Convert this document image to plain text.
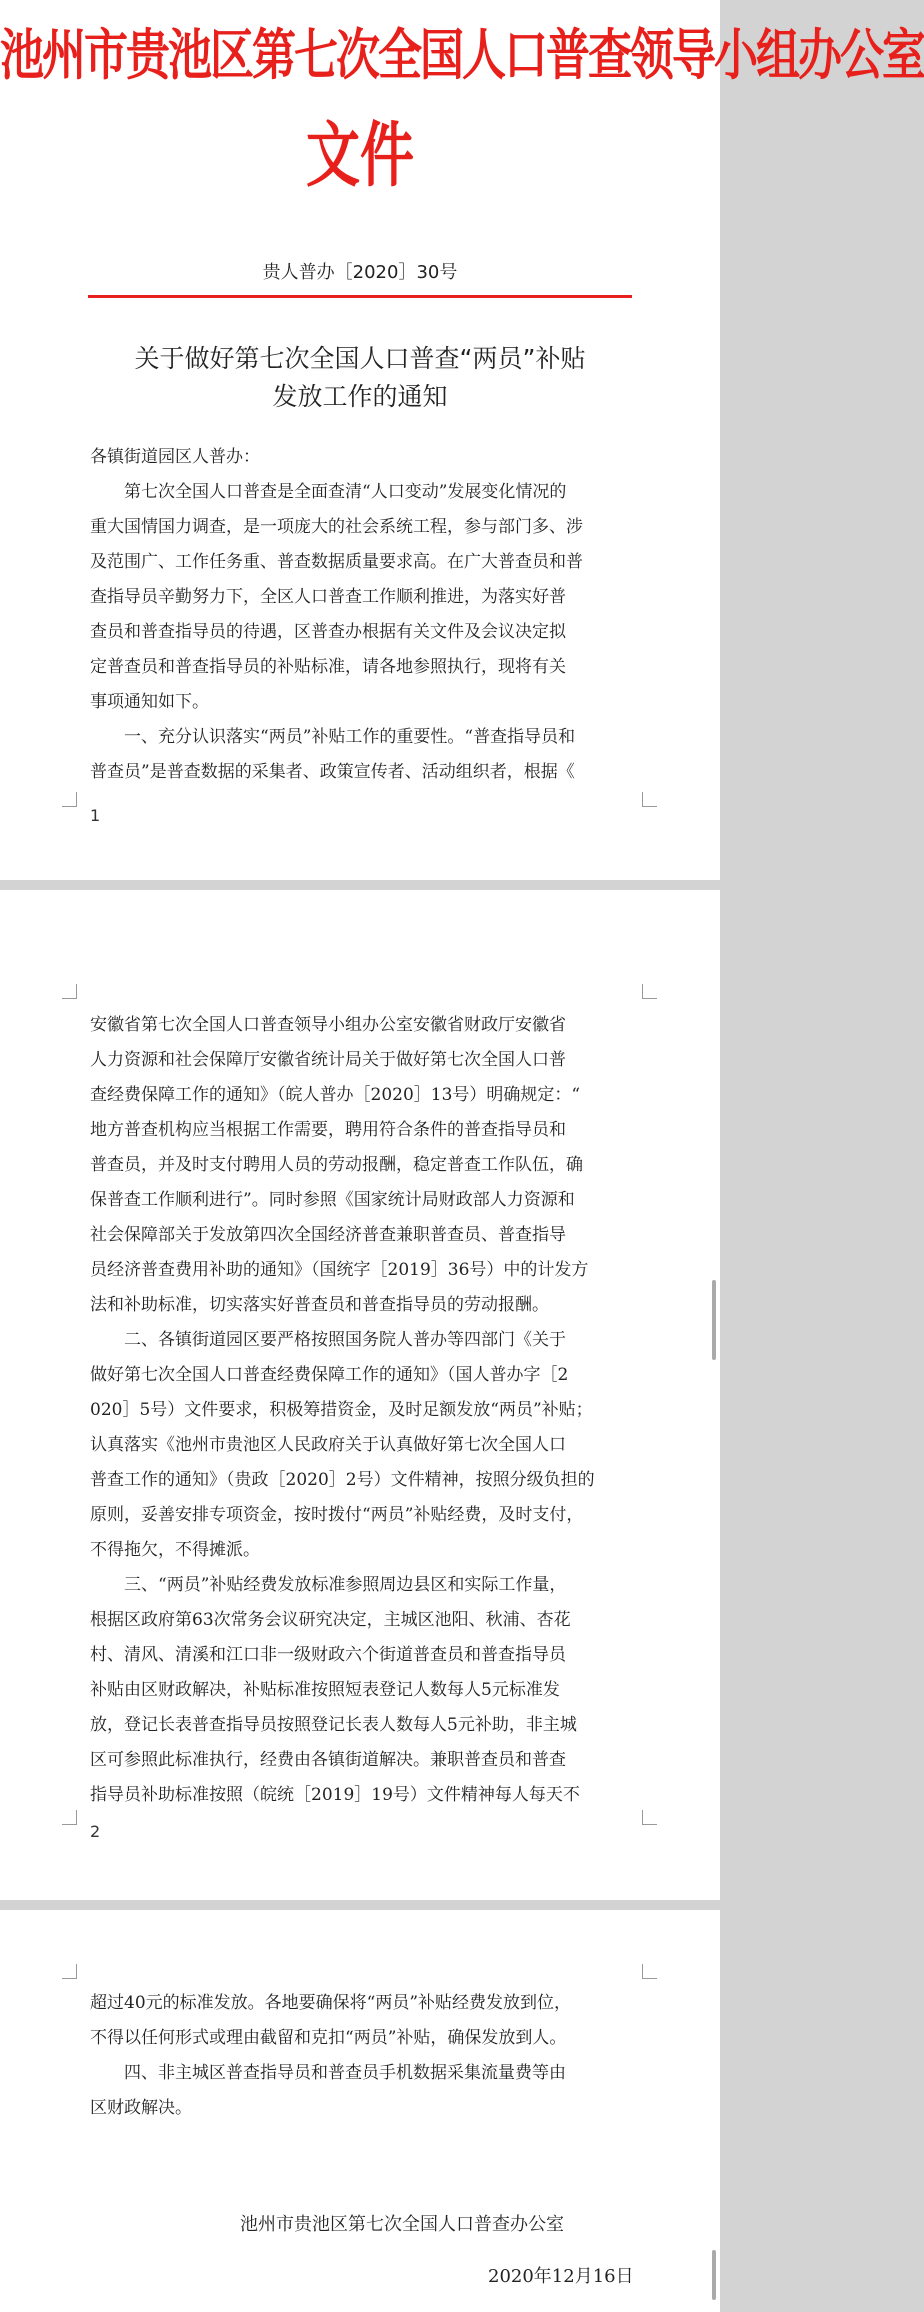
池州市贵池区第七次全国人口普查领导小组办公室
文件
贵人普办［2020］30号
关于做好第七次全国人口普查“两员”补贴
发放工作的通知
各镇街道园区人普办：
　　第七次全国人口普查是全面查清“人口变动”发展变化情况的
重大国情国力调查，是一项庞大的社会系统工程，参与部门多、涉
及范围广、工作任务重、普查数据质量要求高。在广大普查员和普
查指导员辛勤努力下，全区人口普查工作顺利推进，为落实好普
查员和普查指导员的待遇，区普查办根据有关文件及会议决定拟
定普查员和普查指导员的补贴标准，请各地参照执行，现将有关
事项通知如下。
　　一、充分认识落实“两员”补贴工作的重要性。“普查指导员和
普查员”是普查数据的采集者、政策宣传者、活动组织者，根据《
1
安徽省第七次全国人口普查领导小组办公室安徽省财政厅安徽省
人力资源和社会保障厅安徽省统计局关于做好第七次全国人口普
查经费保障工作的通知》（皖人普办［2020］13号）明确规定：“
地方普查机构应当根据工作需要，聘用符合条件的普查指导员和
普查员，并及时支付聘用人员的劳动报酬，稳定普查工作队伍，确
保普查工作顺利进行”。同时参照《国家统计局财政部人力资源和
社会保障部关于发放第四次全国经济普查兼职普查员、普查指导
员经济普查费用补助的通知》（国统字［2019］36号）中的计发方
法和补助标准，切实落实好普查员和普查指导员的劳动报酬。
　　二、各镇街道园区要严格按照国务院人普办等四部门《关于
做好第七次全国人口普查经费保障工作的通知》（国人普办字［2
020］5号）文件要求，积极筹措资金，及时足额发放“两员”补贴；
认真落实《池州市贵池区人民政府关于认真做好第七次全国人口
普查工作的通知》（贵政［2020］2号）文件精神，按照分级负担的
原则，妥善安排专项资金，按时拨付“两员”补贴经费，及时支付，
不得拖欠，不得摊派。
　　三、“两员”补贴经费发放标准参照周边县区和实际工作量，
根据区政府第63次常务会议研究决定，主城区池阳、秋浦、杏花
村、清风、清溪和江口非一级财政六个街道普查员和普查指导员
补贴由区财政解决，补贴标准按照短表登记人数每人5元标准发
放，登记长表普查指导员按照登记长表人数每人5元补助，非主城
区可参照此标准执行，经费由各镇街道解决。兼职普查员和普查
指导员补助标准按照（皖统［2019］19号）文件精神每人每天不
2
超过40元的标准发放。各地要确保将“两员”补贴经费发放到位，
不得以任何形式或理由截留和克扣“两员”补贴，确保发放到人。
　　四、非主城区普查指导员和普查员手机数据采集流量费等由
区财政解决。
池州市贵池区第七次全国人口普查办公室
2020年12月16日
